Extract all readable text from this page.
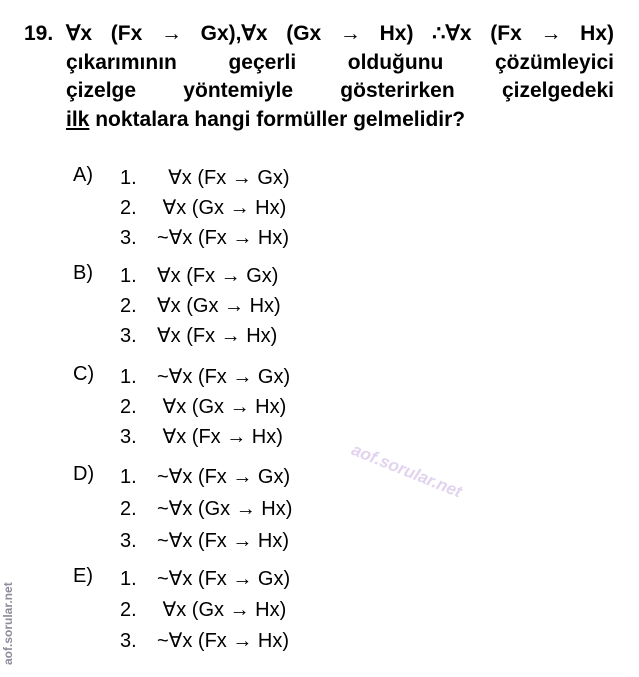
19. ∀x (Fx → Gx),∀x (Gx → Hx) ∴∀x (Fx → Hx)
çıkarımının geçerli olduğunu çözümleyici
çizelge yöntemiyle gösterirken çizelgedeki
ilk noktalara hangi formüller gelmelidir?
A) 1. ∀x (Fx → Gx)
2. ∀x (Gx → Hx)
3. ~∀x (Fx → Hx)
B) 1. ∀x (Fx → Gx)
2. ∀x (Gx → Hx)
3. ∀x (Fx → Hx)
C) 1. ~∀x (Fx → Gx)
2. ∀x (Gx → Hx)
3. ∀x (Fx → Hx)
D) 1. ~∀x (Fx → Gx)
2. ~∀x (Gx → Hx)
3. ~∀x (Fx → Hx)
E) 1. ~∀x (Fx → Gx)
2. ∀x (Gx → Hx)
3. ~∀x (Fx → Hx)
aof.sorular.net
aof.sorular.net
